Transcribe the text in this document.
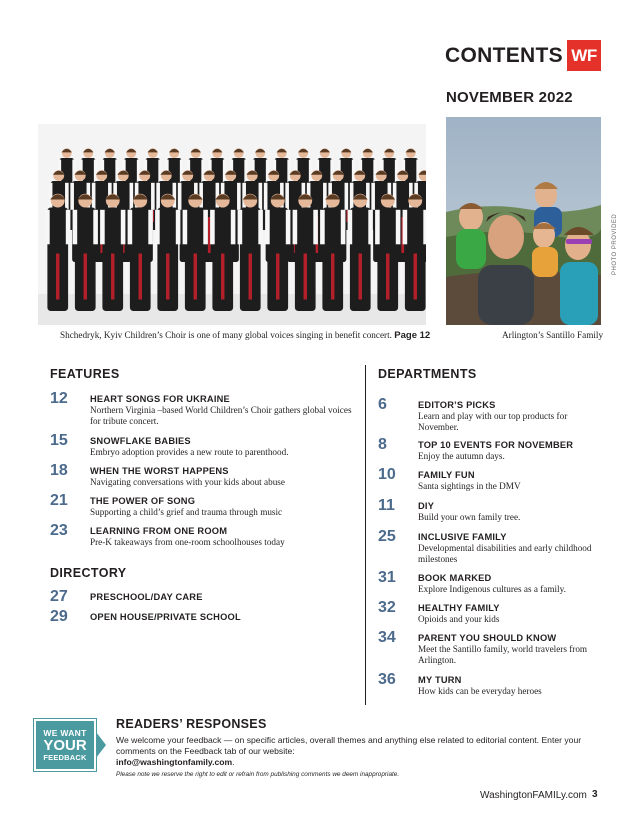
CONTENTS WF
NOVEMBER 2022
PHOTO PROVIDED
Shchedryk, Kyiv Children’s Choir is one of many global voices singing in benefit concert. Page 12	Arlington’s Santillo Family
FEATURES	DEPARTMENTS
DIRECTORY
12	HEART SONGS FOR UKRAINE
Northern Virginia –based World Children’s Choir gathers global voices for tribute concert.
15	SNOWFLAKE BABIES
Embryo adoption provides a new route to parenthood.
18	WHEN THE WORST HAPPENS
Navigating conversations with your kids about abuse
21	THE POWER OF SONG
Supporting a child’s grief and trauma through music
23	LEARNING FROM ONE ROOM
Pre-K takeaways from one-room schoolhouses today
27	PRESCHOOL/DAY CARE
29	OPEN HOUSE/PRIVATE SCHOOL
6	EDITOR’S PICKS
Learn and play with our top products for November.
8	TOP 10 EVENTS FOR NOVEMBER
Enjoy the autumn days.
10	FAMILY FUN
Santa sightings in the DMV
11	DIY
Build your own family tree.
25	INCLUSIVE FAMILY
Developmental disabilities and early childhood milestones
31	BOOK MARKED
Explore Indigenous cultures as a family.
32	HEALTHY FAMILY
Opioids and your kids
34	PARENT YOU SHOULD KNOW
Meet the Santillo family, world travelers from Arlington.
36	MY TURN
How kids can be everyday heroes
WE WANT
YOUR
FEEDBACK
READERS’ RESPONSES
We welcome your feedback — on specific articles, overall themes and anything else related to editorial content. Enter your comments on the Feedback tab of our website:
info@washingtonfamily.com.
Please note we reserve the right to edit or refrain from publishing comments we deem inappropriate.
WashingtonFAMILy.com 3
